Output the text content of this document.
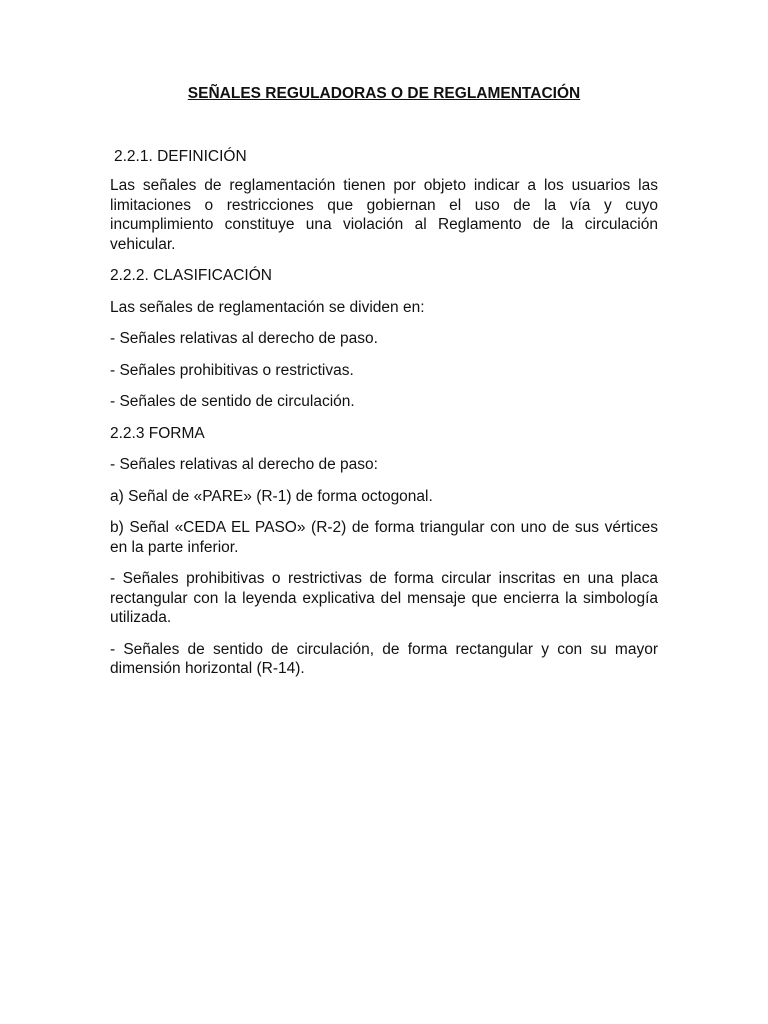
SEÑALES REGULADORAS O DE REGLAMENTACIÓN

2.2.1. DEFINICIÓN

Las señales de reglamentación tienen por objeto indicar a los usuarios las limitaciones o restricciones que gobiernan el uso de la vía y cuyo incumplimiento constituye una violación al Reglamento de la circulación vehicular.

2.2.2. CLASIFICACIÓN

Las señales de reglamentación se dividen en:

- Señales relativas al derecho de paso.

- Señales prohibitivas o restrictivas.

- Señales de sentido de circulación.

2.2.3 FORMA

- Señales relativas al derecho de paso:

a) Señal de «PARE» (R-1) de forma octogonal.

b) Señal «CEDA EL PASO» (R-2) de forma triangular con uno de sus vértices en la parte inferior.

- Señales prohibitivas o restrictivas de forma circular inscritas en una placa rectangular con la leyenda explicativa del mensaje que encierra la simbología utilizada.

- Señales de sentido de circulación, de forma rectangular y con su mayor dimensión horizontal (R-14).
